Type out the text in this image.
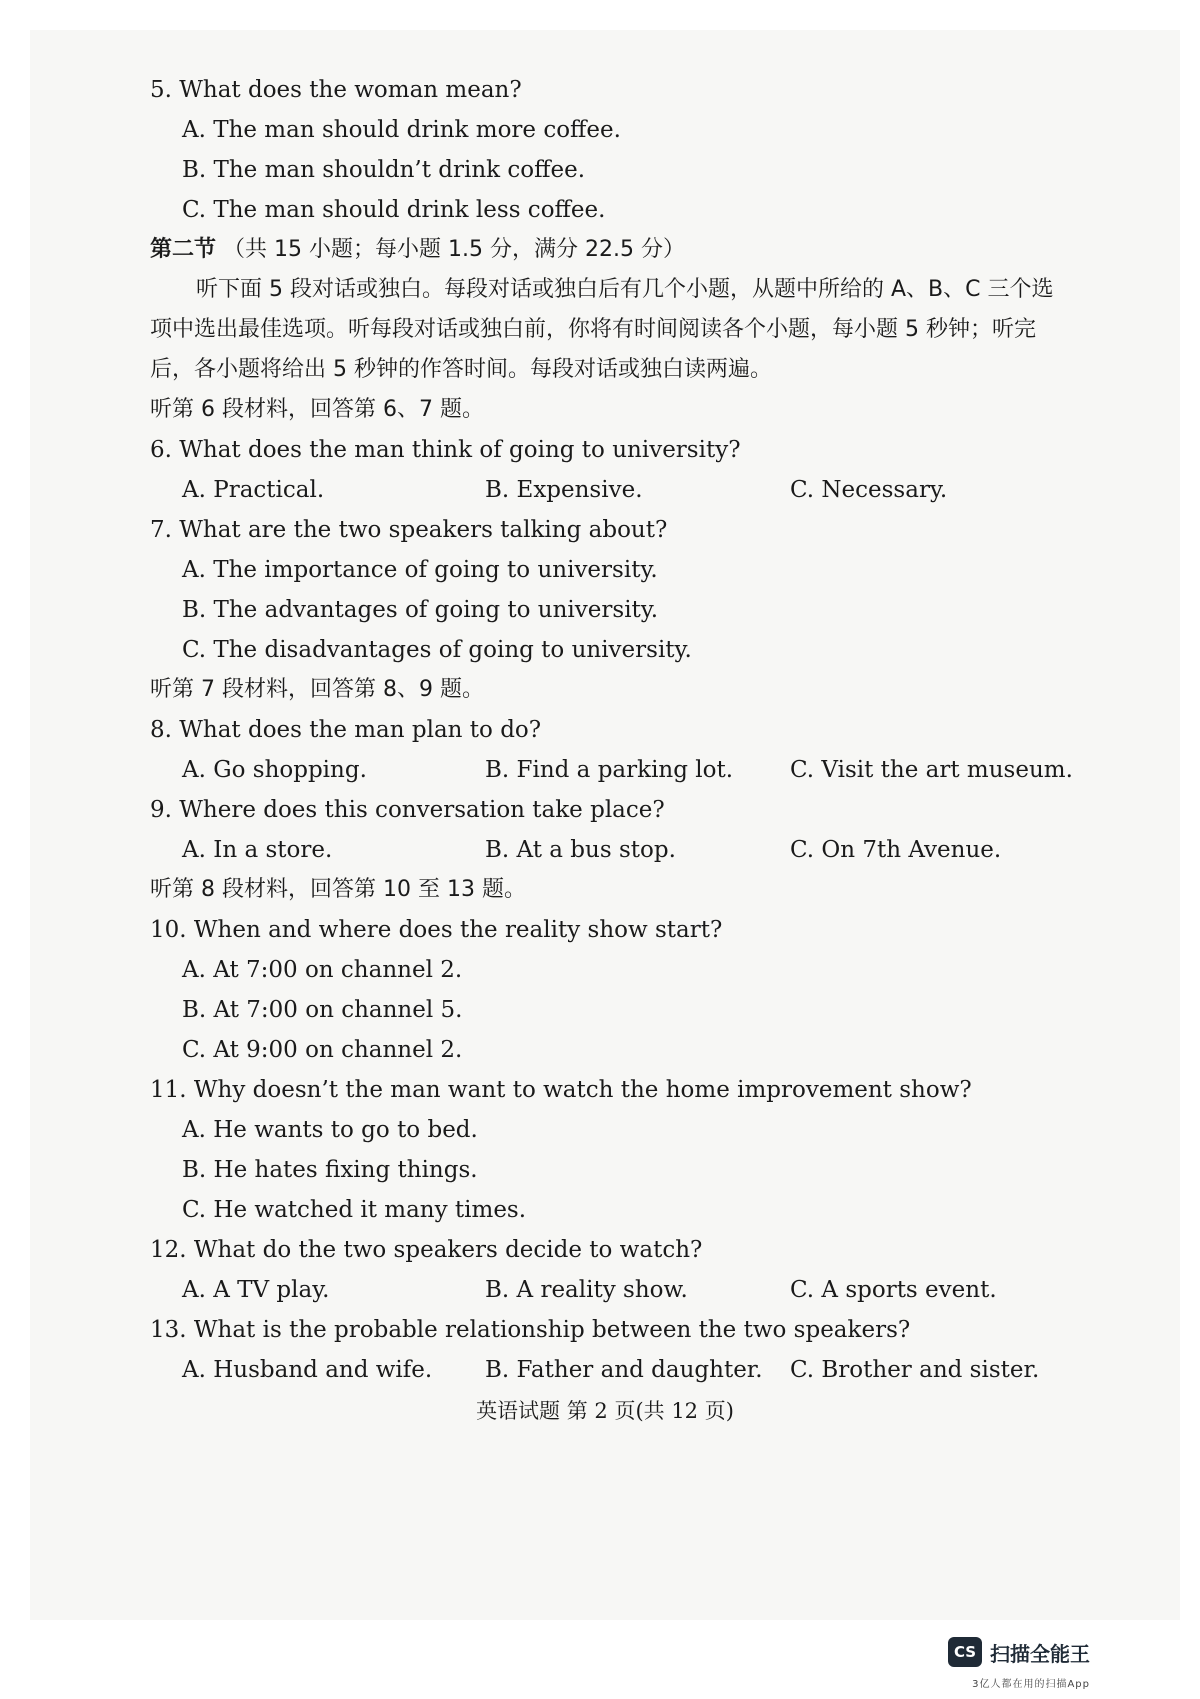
5. What does the woman mean?
A. The man should drink more coffee.
B. The man shouldn’t drink coffee.
C. The man should drink less coffee.
第二节 （共 15 小题；每小题 1.5 分，满分 22.5 分）
听下面 5 段对话或独白。每段对话或独白后有几个小题，从题中所给的 A、B、C 三个选项中选出最佳选项。听每段对话或独白前，你将有时间阅读各个小题，每小题 5 秒钟；听完后，各小题将给出 5 秒钟的作答时间。每段对话或独白读两遍。
听第 6 段材料，回答第 6、7 题。
6. What does the man think of going to university?
A. Practical.	B. Expensive.	C. Necessary.
7. What are the two speakers talking about?
A. The importance of going to university.
B. The advantages of going to university.
C. The disadvantages of going to university.
听第 7 段材料，回答第 8、9 题。
8. What does the man plan to do?
A. Go shopping.	B. Find a parking lot. C. Visit the art museum.
9. Where does this conversation take place?
A. In a store.	B. At a bus stop.	C. On 7th Avenue.
听第 8 段材料，回答第 10 至 13 题。
10. When and where does the reality show start?
A. At 7:00 on channel 2.
B. At 7:00 on channel 5.
C. At 9:00 on channel 2.
11. Why doesn’t the man want to watch the home improvement show?
A. He wants to go to bed.
B. He hates fixing things.
C. He watched it many times.
12. What do the two speakers decide to watch?
A. A TV play.	B. A reality show.	C. A sports event.
13. What is the probable relationship between the two speakers?
A. Husband and wife. B. Father and daughter. C. Brother and sister.
英语试题 第 2 页(共 12 页)
CS 扫描全能王
3亿人都在用的扫描App
